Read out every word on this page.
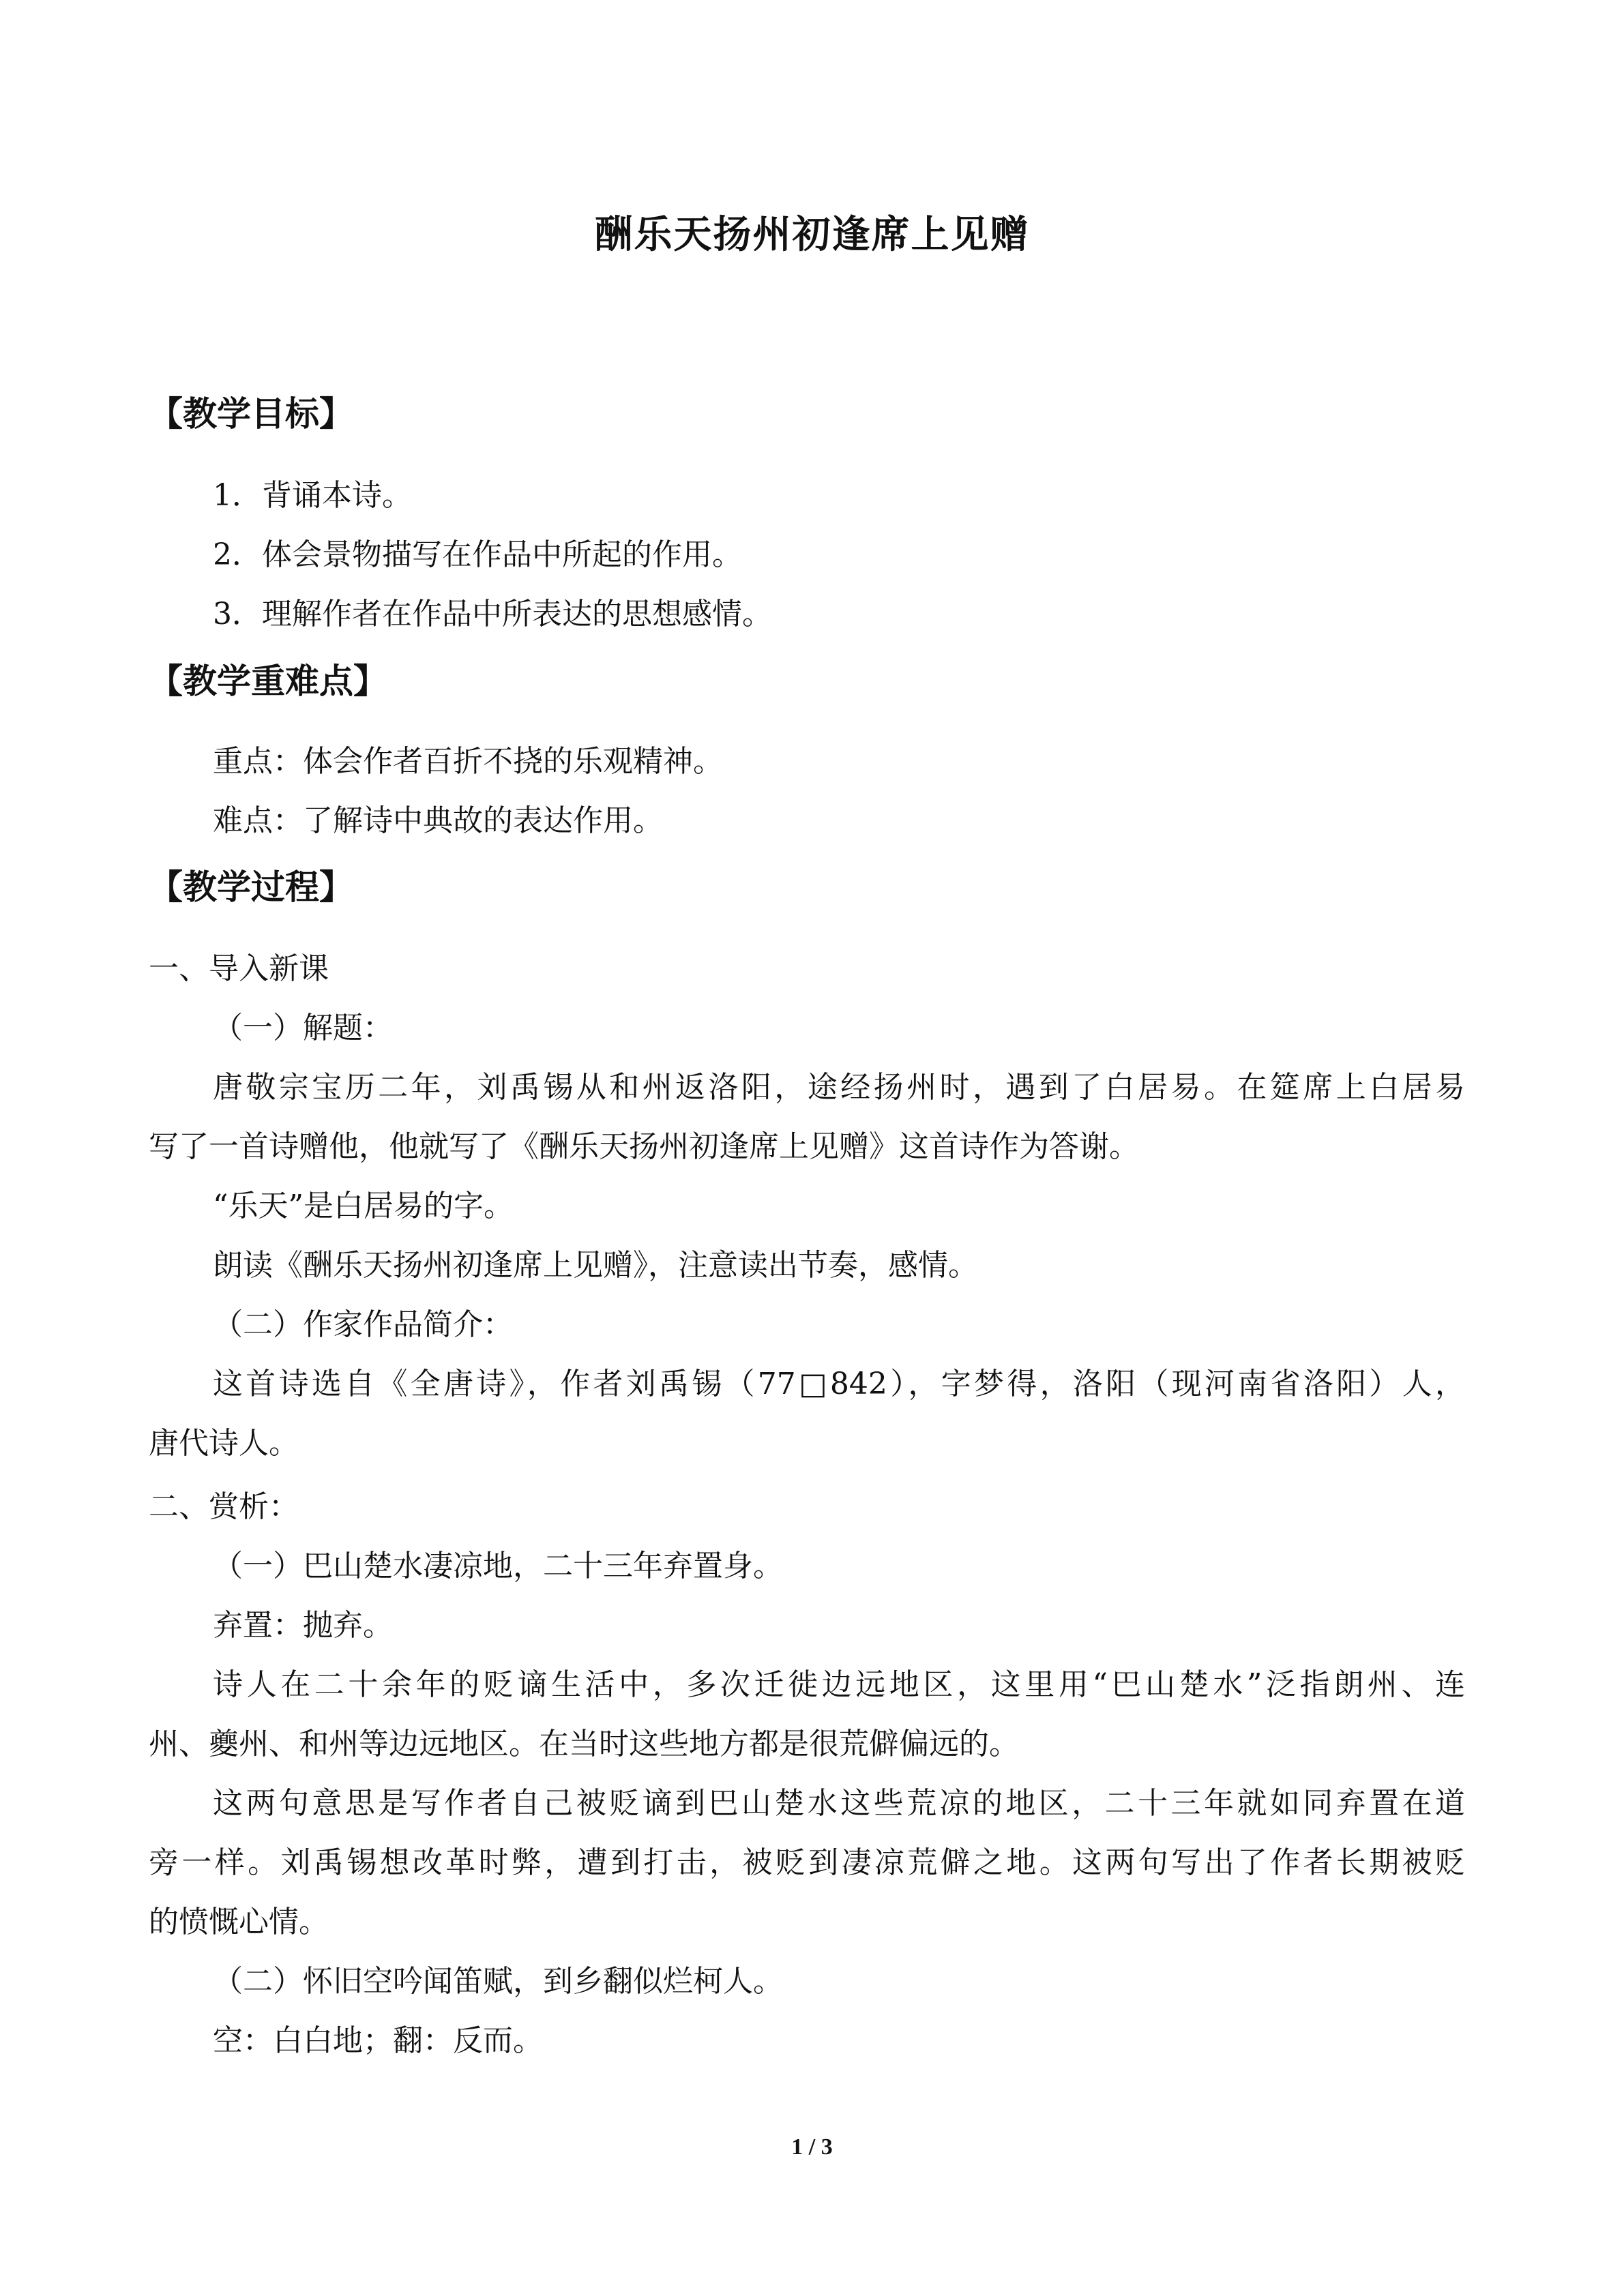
酬乐天扬州初逢席上见赠
【教学目标】
1．背诵本诗。
2．体会景物描写在作品中所起的作用。
3．理解作者在作品中所表达的思想感情。
【教学重难点】
重点：体会作者百折不挠的乐观精神。
难点：了解诗中典故的表达作用。
【教学过程】
一、导入新课
（一）解题：
唐敬宗宝历二年，刘禹锡从和州返洛阳，途经扬州时，遇到了白居易。在筵席上白居易
写了一首诗赠他，他就写了《酬乐天扬州初逢席上见赠》这首诗作为答谢。
“乐天”是白居易的字。
朗读《酬乐天扬州初逢席上见赠》，注意读出节奏，感情。
（二）作家作品简介：
这首诗选自《全唐诗》，作者刘禹锡（77□842），字梦得，洛阳（现河南省洛阳）人，
唐代诗人。
二、赏析：
（一）巴山楚水凄凉地，二十三年弃置身。
弃置：抛弃。
诗人在二十余年的贬谪生活中，多次迁徙边远地区，这里用“巴山楚水”泛指朗州、连
州、夔州、和州等边远地区。在当时这些地方都是很荒僻偏远的。
这两句意思是写作者自己被贬谪到巴山楚水这些荒凉的地区，二十三年就如同弃置在道
旁一样。刘禹锡想改革时弊，遭到打击，被贬到凄凉荒僻之地。这两句写出了作者长期被贬
的愤慨心情。
（二）怀旧空吟闻笛赋，到乡翻似烂柯人。
空：白白地；翻：反而。
1 / 3
